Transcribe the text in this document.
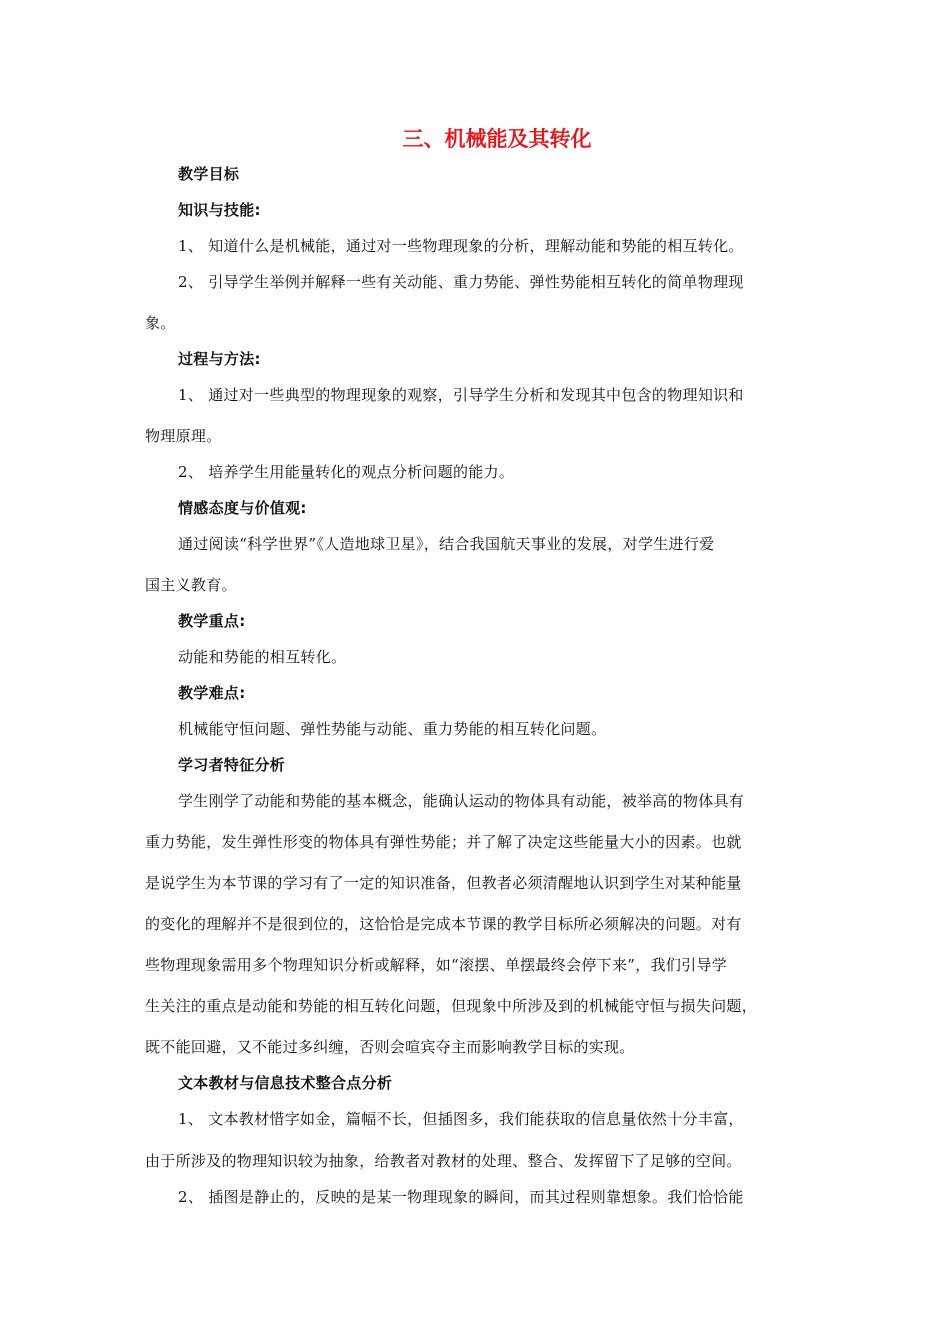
三、机械能及其转化
教学目标
知识与技能:
1、 知道什么是机械能，通过对一些物理现象的分析，理解动能和势能的相互转化。
2、 引导学生举例并解释一些有关动能、重力势能、弹性势能相互转化的简单物理现
象。
过程与方法:
1、 通过对一些典型的物理现象的观察，引导学生分析和发现其中包含的物理知识和
物理原理。
2、 培养学生用能量转化的观点分析问题的能力。
情感态度与价值观:
通过阅读“科学世界”《人造地球卫星》，结合我国航天事业的发展，对学生进行爱
国主义教育。
教学重点:
动能和势能的相互转化。
教学难点:
机械能守恒问题、弹性势能与动能、重力势能的相互转化问题。
学习者特征分析
学生刚学了动能和势能的基本概念，能确认运动的物体具有动能，被举高的物体具有
重力势能，发生弹性形变的物体具有弹性势能；并了解了决定这些能量大小的因素。也就
是说学生为本节课的学习有了一定的知识准备，但教者必须清醒地认识到学生对某种能量
的变化的理解并不是很到位的，这恰恰是完成本节课的教学目标所必须解决的问题。对有
些物理现象需用多个物理知识分析或解释，如“滚摆、单摆最终会停下来”，我们引导学
生关注的重点是动能和势能的相互转化问题，但现象中所涉及到的机械能守恒与损失问题，
既不能回避，又不能过多纠缠，否则会喧宾夺主而影响教学目标的实现。
文本教材与信息技术整合点分析
1、 文本教材惜字如金，篇幅不长，但插图多，我们能获取的信息量依然十分丰富，
由于所涉及的物理知识较为抽象，给教者对教材的处理、整合、发挥留下了足够的空间。
2、 插图是静止的，反映的是某一物理现象的瞬间，而其过程则靠想象。我们恰恰能
